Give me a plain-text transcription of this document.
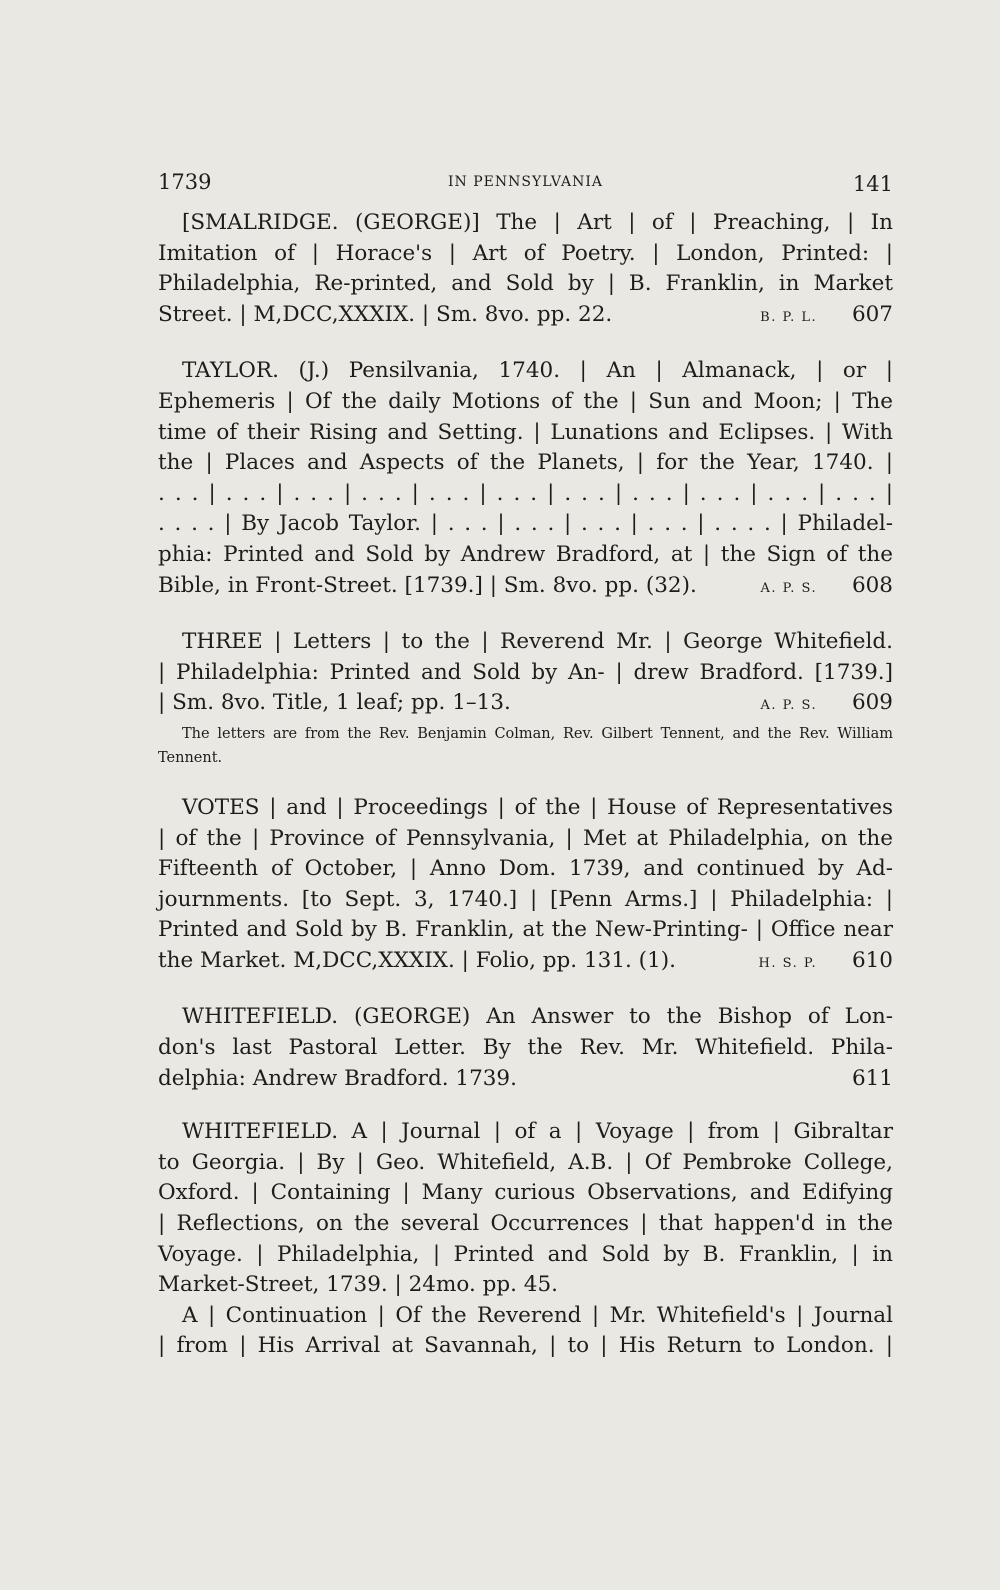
1739	IN PENNSYLVANIA	141

[SMALRIDGE. (GEORGE)] The | Art | of | Preaching, | In

Imitation of | Horace's | Art of Poetry. | London, Printed: |

Philadelphia, Re-printed, and Sold by | B. Franklin, in Market

Street. | M,DCC,XXXIX. | Sm. 8vo. pp. 22.	B. P. L. 607

TAYLOR. (J.) Pensilvania, 1740. | An | Almanack, | or |

Ephemeris | Of the daily Motions of the | Sun and Moon; | The

time of their Rising and Setting. | Lunations and Eclipses. | With

the | Places and Aspects of the Planets, | for the Year, 1740. |

. . . | . . . | . . . | . . . | . . . | . . . | . . . | . . . | . . . | . . . | . . . |

. . . . | By Jacob Taylor. | . . . | . . . | . . . | . . . | . . . . | Philadel-

phia: Printed and Sold by Andrew Bradford, at | the Sign of the

Bible, in Front-Street. [1739.] | Sm. 8vo. pp. (32).	A. P. S. 608

THREE | Letters | to the | Reverend Mr. | George Whitefield.

| Philadelphia: Printed and Sold by An- | drew Bradford. [1739.]

| Sm. 8vo. Title, 1 leaf; pp. 1–13.	A. P. S. 609

The letters are from the Rev. Benjamin Colman, Rev. Gilbert Tennent, and the Rev. William Tennent.

VOTES | and | Proceedings | of the | House of Representatives

| of the | Province of Pennsylvania, | Met at Philadelphia, on the

Fifteenth of October, | Anno Dom. 1739, and continued by Ad-

journments. [to Sept. 3, 1740.] | [Penn Arms.] | Philadelphia: |

Printed and Sold by B. Franklin, at the New-Printing- | Office near

the Market. M,DCC,XXXIX. | Folio, pp. 131. (1).	H. S. P. 610

WHITEFIELD. (GEORGE) An Answer to the Bishop of Lon-

don's last Pastoral Letter. By the Rev. Mr. Whitefield. Phila-

delphia: Andrew Bradford. 1739.	611

WHITEFIELD. A | Journal | of a | Voyage | from | Gibraltar

to Georgia. | By | Geo. Whitefield, A.B. | Of Pembroke College,

Oxford. | Containing | Many curious Observations, and Edifying

| Reflections, on the several Occurrences | that happen'd in the

Voyage. | Philadelphia, | Printed and Sold by B. Franklin, | in

Market-Street, 1739. | 24mo. pp. 45.

A | Continuation | Of the Reverend | Mr. Whitefield's | Journal

| from | His Arrival at Savannah, | to | His Return to London. |
